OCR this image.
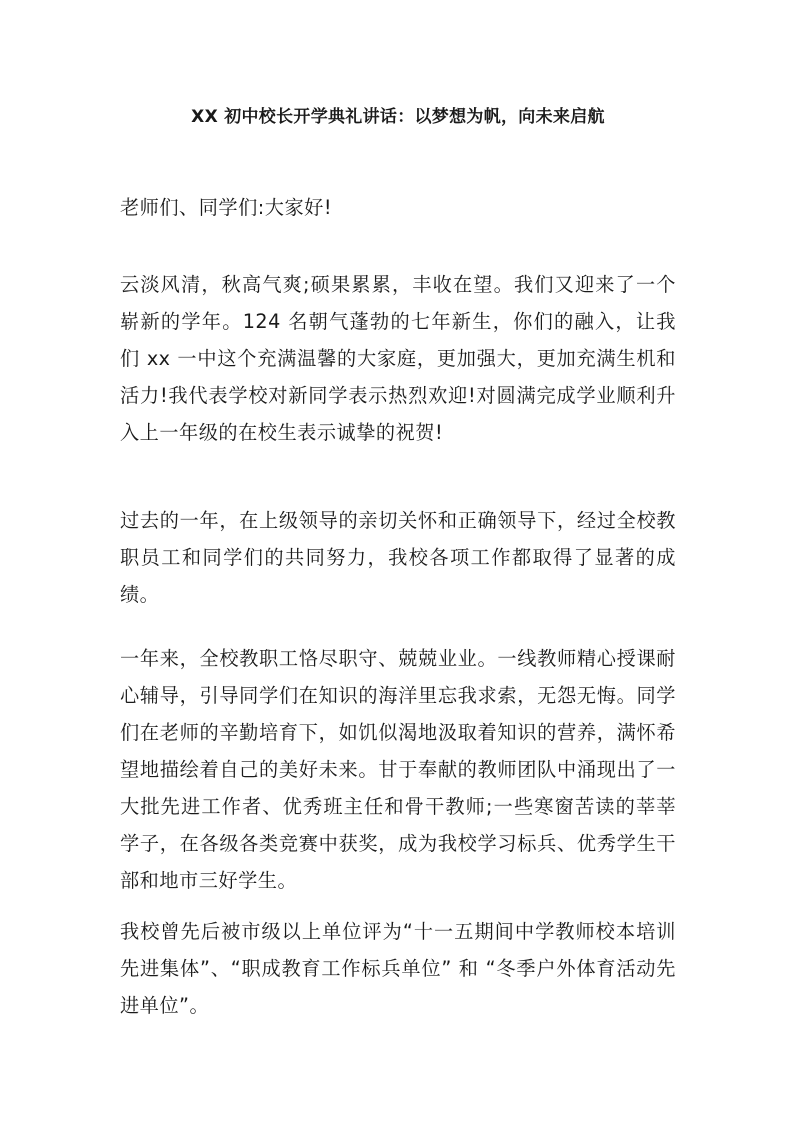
XX 初中校长开学典礼讲话：以梦想为帆，向未来启航

老师们、同学们:大家好!

云淡风清，秋高气爽;硕果累累，丰收在望。我们又迎来了一个崭新的学年。124 名朝气蓬勃的七年新生，你们的融入，让我们 xx 一中这个充满温馨的大家庭，更加强大，更加充满生机和活力!我代表学校对新同学表示热烈欢迎!对圆满完成学业顺利升入上一年级的在校生表示诚挚的祝贺!

过去的一年，在上级领导的亲切关怀和正确领导下，经过全校教职员工和同学们的共同努力，我校各项工作都取得了显著的成绩。

一年来，全校教职工恪尽职守、兢兢业业。一线教师精心授课耐心辅导，引导同学们在知识的海洋里忘我求索，无怨无悔。同学们在老师的辛勤培育下，如饥似渴地汲取着知识的营养，满怀希望地描绘着自己的美好未来。甘于奉献的教师团队中涌现出了一大批先进工作者、优秀班主任和骨干教师;一些寒窗苦读的莘莘学子，在各级各类竞赛中获奖，成为我校学习标兵、优秀学生干部和地市三好学生。

我校曾先后被市级以上单位评为“十一五期间中学教师校本培训先进集体”、“职成教育工作标兵单位” 和 “冬季户外体育活动先进单位”。
